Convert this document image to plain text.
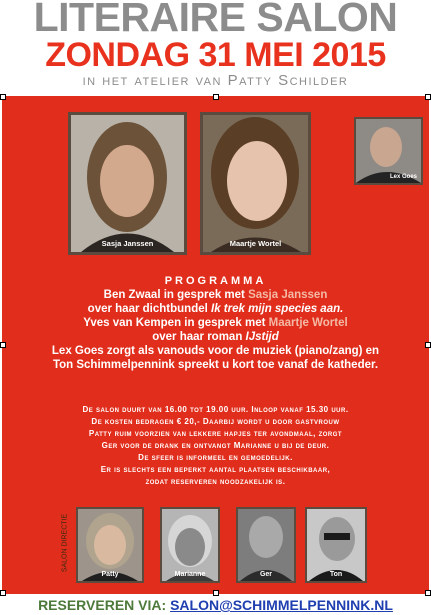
LITERAIRE SALON
ZONDAG 31 MEI 2015
in het atelier van Patty Schilder
Sasja Janssen	Maartje Wortel
Lex Goes
PROGRAMMA
Ben Zwaal in gesprek met Sasja Janssen
over haar dichtbundel Ik trek mijn species aan.
Yves van Kempen in gesprek met Maartje Wortel
over haar roman IJstijd
Lex Goes zorgt als vanouds voor de muziek (piano/zang) en
Ton Schimmelpennink spreekt u kort toe vanaf de katheder.
De salon duurt van 16.00 tot 19.00 uur. Inloop vanaf 15.30 uur.
De kosten bedragen € 20,- Daarbij wordt u door gastvrouw
Patty ruim voorzien van lekkere hapjes ter avondmaal, zorgt
Ger voor de drank en ontvangt Marianne u bij de deur.
De sfeer is informeel en gemoedelijk.
Er is slechts een beperkt aantal plaatsen beschikbaar,
zodat reserveren noodzakelijk is.
SALON DIRECTIE
Patty	Marianne	Ger	Ton
RESERVEREN VIA: SALON@SCHIMMELPENNINK.NL
